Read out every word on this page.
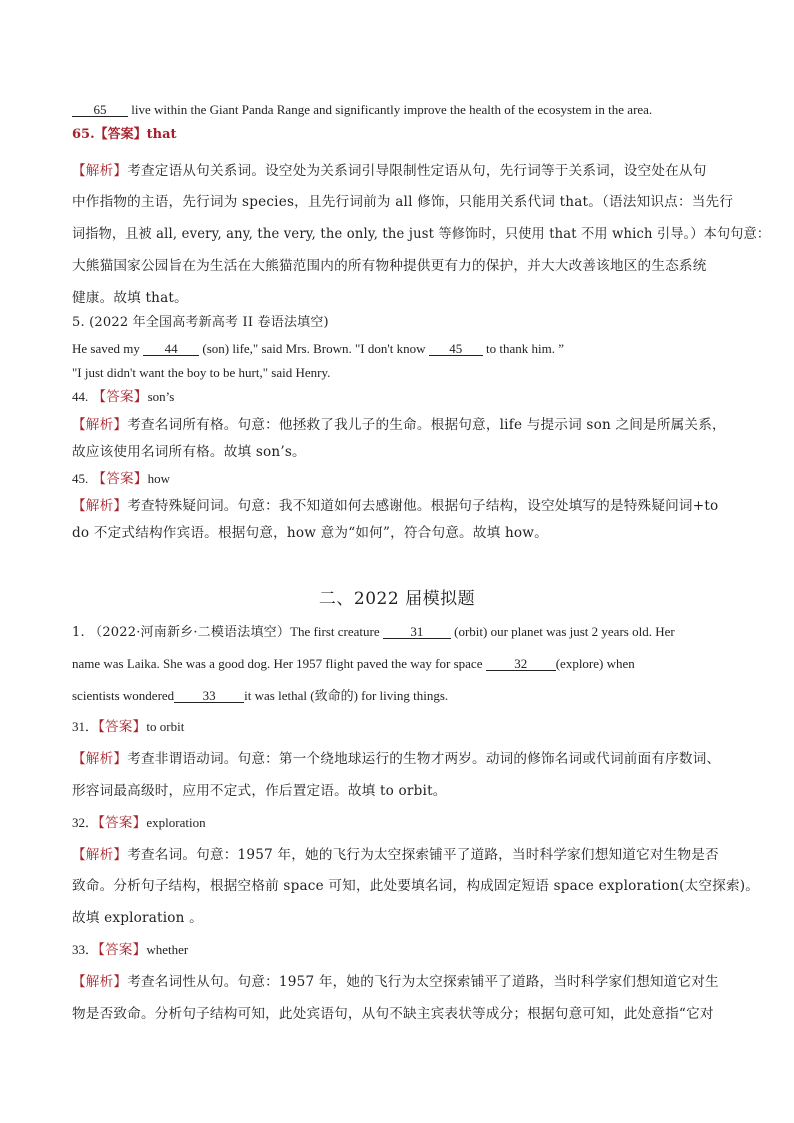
65 live within the Giant Panda Range and significantly improve the health of the ecosystem in the area.
65.【答案】that
【解析】考查定语从句关系词。设空处为关系词引导限制性定语从句，先行词等于关系词，设空处在从句
中作指物的主语，先行词为 species，且先行词前为 all 修饰，只能用关系代词 that。（语法知识点：当先行
词指物，且被 all, every, any, the very, the only, the just 等修饰时，只使用 that 不用 which 引导。）本句句意：
大熊猫国家公园旨在为生活在大熊猫范围内的所有物种提供更有力的保护，并大大改善该地区的生态系统
健康。故填 that。
5. (2022 年全国高考新高考 II 卷语法填空)
He saved my 44 (son) life," said Mrs. Brown. "I don't know 45 to thank him. ”
"I just didn't want the boy to be hurt," said Henry.
44. 【答案】son’s
【解析】考查名词所有格。句意：他拯救了我儿子的生命。根据句意，life 与提示词 son 之间是所属关系，
故应该使用名词所有格。故填 son’s。
45. 【答案】how
【解析】考查特殊疑问词。句意：我不知道如何去感谢他。根据句子结构，设空处填写的是特殊疑问词+to
do 不定式结构作宾语。根据句意，how 意为“如何”，符合句意。故填 how。
二、2022 届模拟题
1. （2022·河南新乡·二模语法填空）The first creature 31 (orbit) our planet was just 2 years old. Her
name was Laika. She was a good dog. Her 1957 flight paved the way for space 32 (explore) when
scientists wondered 33 it was lethal (致命的) for living things.
31．【答案】to orbit
【解析】考查非谓语动词。句意：第一个绕地球运行的生物才两岁。动词的修饰名词或代词前面有序数词、
形容词最高级时，应用不定式，作后置定语。故填 to orbit。
32．【答案】exploration
【解析】考查名词。句意：1957 年，她的飞行为太空探索铺平了道路，当时科学家们想知道它对生物是否
致命。分析句子结构，根据空格前 space 可知，此处要填名词，构成固定短语 space exploration(太空探索)。
故填 exploration 。
33．【答案】whether
【解析】考查名词性从句。句意：1957 年，她的飞行为太空探索铺平了道路，当时科学家们想知道它对生
物是否致命。分析句子结构可知，此处宾语句，从句不缺主宾表状等成分；根据句意可知，此处意指“它对
